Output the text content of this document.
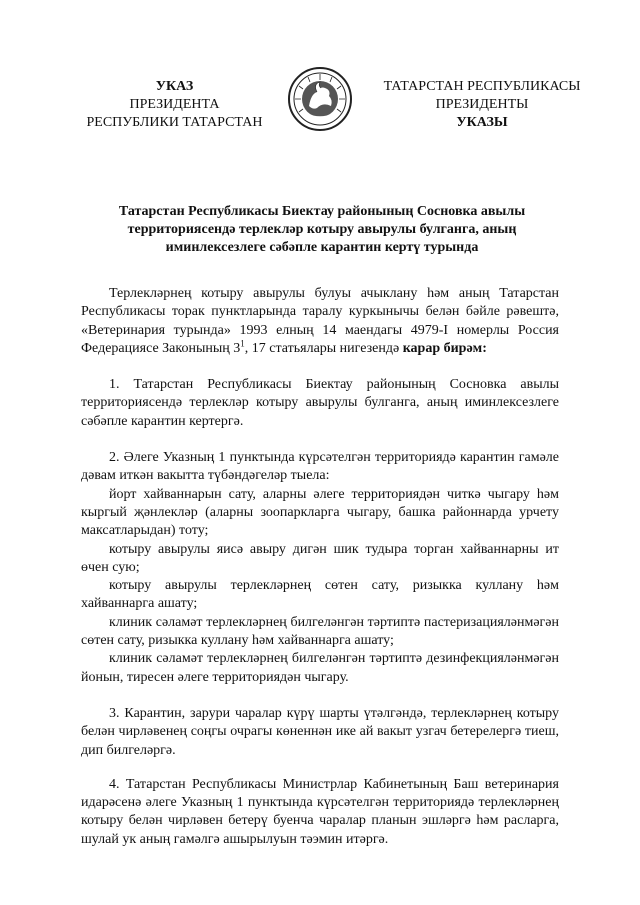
УКАЗ
ПРЕЗИДЕНТА
РЕСПУБЛИКИ ТАТАРСТАН
ТАТАРСТАН РЕСПУБЛИКАСЫ
ПРЕЗИДЕНТЫ
УКАЗЫ
Татарстан Республикасы Биектау районының Сосновка авылы
территориясендә терлекләр котыру авырулы булганга, аның
иминлексезлеге сәбәпле карантин кертү турында

Терлекләрнең котыру авырулы булуы ачыклану һәм аның Татарстан Республикасы торак пунктларында таралу куркынычы белән бәйле рәвештә, «Ветеринария турында» 1993 елның 14 маендагы 4979-I номерлы Россия Федерациясе Законының $3^1$, 17 статьялары нигезендә карар бирәм:

1. Татарстан Республикасы Биектау районының Сосновка авылы территориясендә терлекләр котыру авырулы булганга, аның иминлексезлеге сәбәпле карантин кертергә.

2. Әлеге Указның 1 пунктында күрсәтелгән территориядә карантин гамәле дәвам иткән вакытта түбәндәгеләр тыела:

йорт хайваннарын сату, аларны әлеге территориядән читкә чыгару һәм кыргый җәнлекләр (аларны зоопаркларга чыгару, башка районнарда урчету максатларыдан) тоту;

котыру авырулы яисә авыру дигән шик тудыра торган хайваннарны ит өчен сую;

котыру авырулы терлекләрнең сөтен сату, ризыкка куллану һәм хайваннарга ашату;

клиник сәламәт терлекләрнең билгеләнгән тәртиптә пастеризацияләнмәгән сөтен сату, ризыкка куллану һәм хайваннарга ашату;

клиник сәламәт терлекләрнең билгеләнгән тәртиптә дезинфекцияләнмәгән йонын, тиресен әлеге территориядән чыгару.

3. Карантин, зарури чаралар күрү шарты үтәлгәндә, терлекләрнең котыру белән чирләвенең соңгы очрагы көненнән ике ай вакыт узгач бетерелергә тиеш, дип билгеләргә.

4. Татарстан Республикасы Министрлар Кабинетының Баш ветеринария идарәсенә әлеге Указның 1 пунктында күрсәтелгән территориядә терлекләрнең котыру белән чирләвен бетерү буенча чаралар планын эшләргә һәм расларга, шулай ук аның гамәлгә ашырылуын тәэмин итәргә.
